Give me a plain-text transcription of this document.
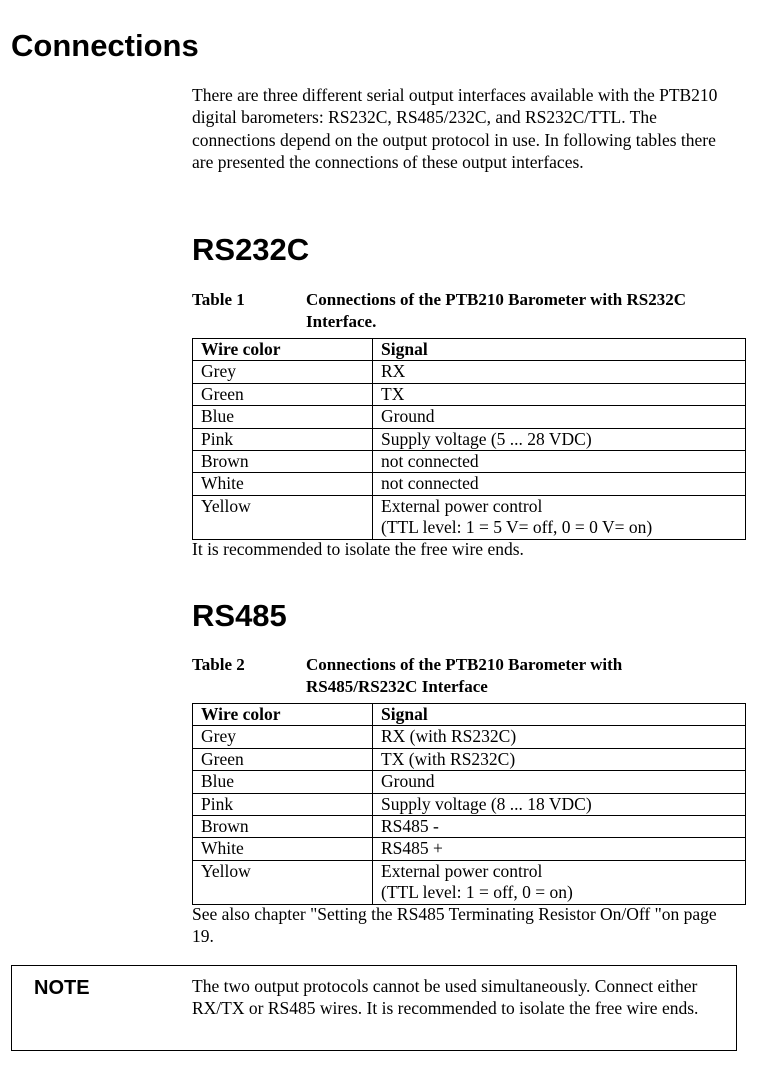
Connections

There are three different serial output interfaces available with the PTB210 digital barometers: RS232C, RS485/232C, and RS232C/TTL. The connections depend on the output protocol in use. In following tables there are presented the connections of these output interfaces.

RS232C
Table 1	Connections of the PTB210 Barometer with RS232C Interface.
Wire color	Signal
Grey	RX
Green	TX
Blue	Ground
Pink	Supply voltage (5 ... 28 VDC)
Brown	not connected
White	not connected
Yellow	External power control
(TTL level: 1 = 5 V= off, 0 = 0 V= on)

It is recommended to isolate the free wire ends.

RS485
Table 2	Connections of the PTB210 Barometer with RS485/RS232C Interface
Wire color	Signal
Grey	RX (with RS232C)
Green	TX (with RS232C)
Blue	Ground
Pink	Supply voltage (8 ... 18 VDC)
Brown	RS485 -
White	RS485 +
Yellow	External power control
(TTL level: 1 = off, 0 = on)

See also chapter "Setting the RS485 Terminating Resistor On/Off "on page 19.

NOTE	The two output protocols cannot be used simultaneously. Connect either RX/TX or RS485 wires. It is recommended to isolate the free wire ends.
